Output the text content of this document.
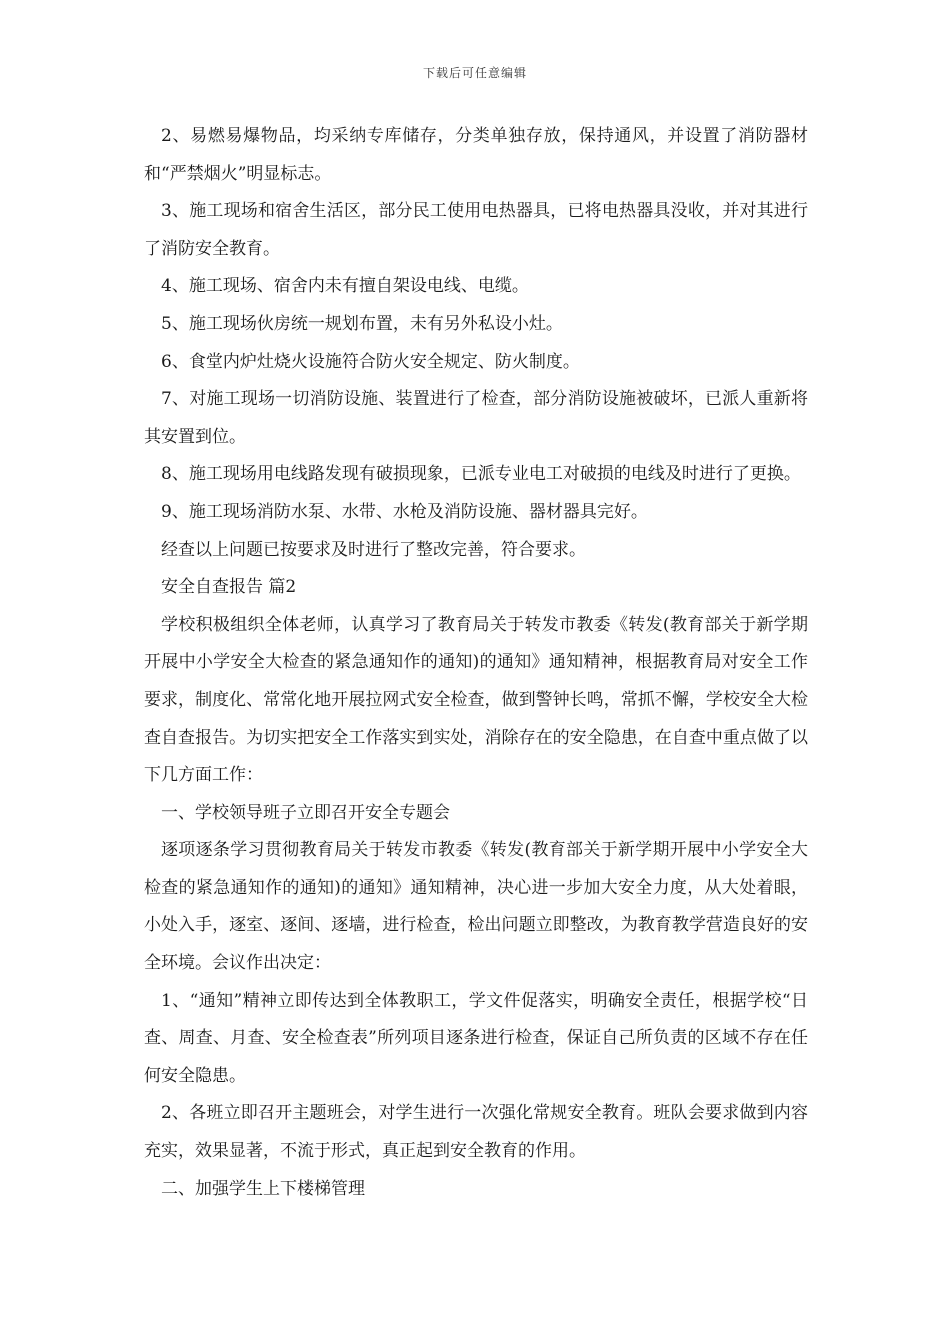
下载后可任意编辑

2、易燃易爆物品，均采纳专库储存，分类单独存放，保持通风，并设置了消防器材和“严禁烟火”明显标志。

3、施工现场和宿舍生活区，部分民工使用电热器具，已将电热器具没收，并对其进行了消防安全教育。

4、施工现场、宿舍内未有擅自架设电线、电缆。

5、施工现场伙房统一规划布置，未有另外私设小灶。

6、食堂内炉灶烧火设施符合防火安全规定、防火制度。

7、对施工现场一切消防设施、装置进行了检查，部分消防设施被破坏，已派人重新将其安置到位。

8、施工现场用电线路发现有破损现象，已派专业电工对破损的电线及时进行了更换。

9、施工现场消防水泵、水带、水枪及消防设施、器材器具完好。

经查以上问题已按要求及时进行了整改完善，符合要求。

安全自查报告 篇2

学校积极组织全体老师，认真学习了教育局关于转发市教委《转发(教育部关于新学期开展中小学安全大检查的紧急通知作的通知)的通知》通知精神，根据教育局对安全工作要求，制度化、常常化地开展拉网式安全检查，做到警钟长鸣，常抓不懈，学校安全大检查自查报告。为切实把安全工作落实到实处，消除存在的安全隐患，在自查中重点做了以下几方面工作：

一、学校领导班子立即召开安全专题会

逐项逐条学习贯彻教育局关于转发市教委《转发(教育部关于新学期开展中小学安全大检查的紧急通知作的通知)的通知》通知精神，决心进一步加大安全力度，从大处着眼，小处入手，逐室、逐间、逐墙，进行检查，检出问题立即整改，为教育教学营造良好的安全环境。会议作出决定：

1、“通知”精神立即传达到全体教职工，学文件促落实，明确安全责任，根据学校“日查、周查、月查、安全检查表”所列项目逐条进行检查，保证自己所负责的区域不存在任何安全隐患。

2、各班立即召开主题班会，对学生进行一次强化常规安全教育。班队会要求做到内容充实，效果显著，不流于形式，真正起到安全教育的作用。

二、加强学生上下楼梯管理
